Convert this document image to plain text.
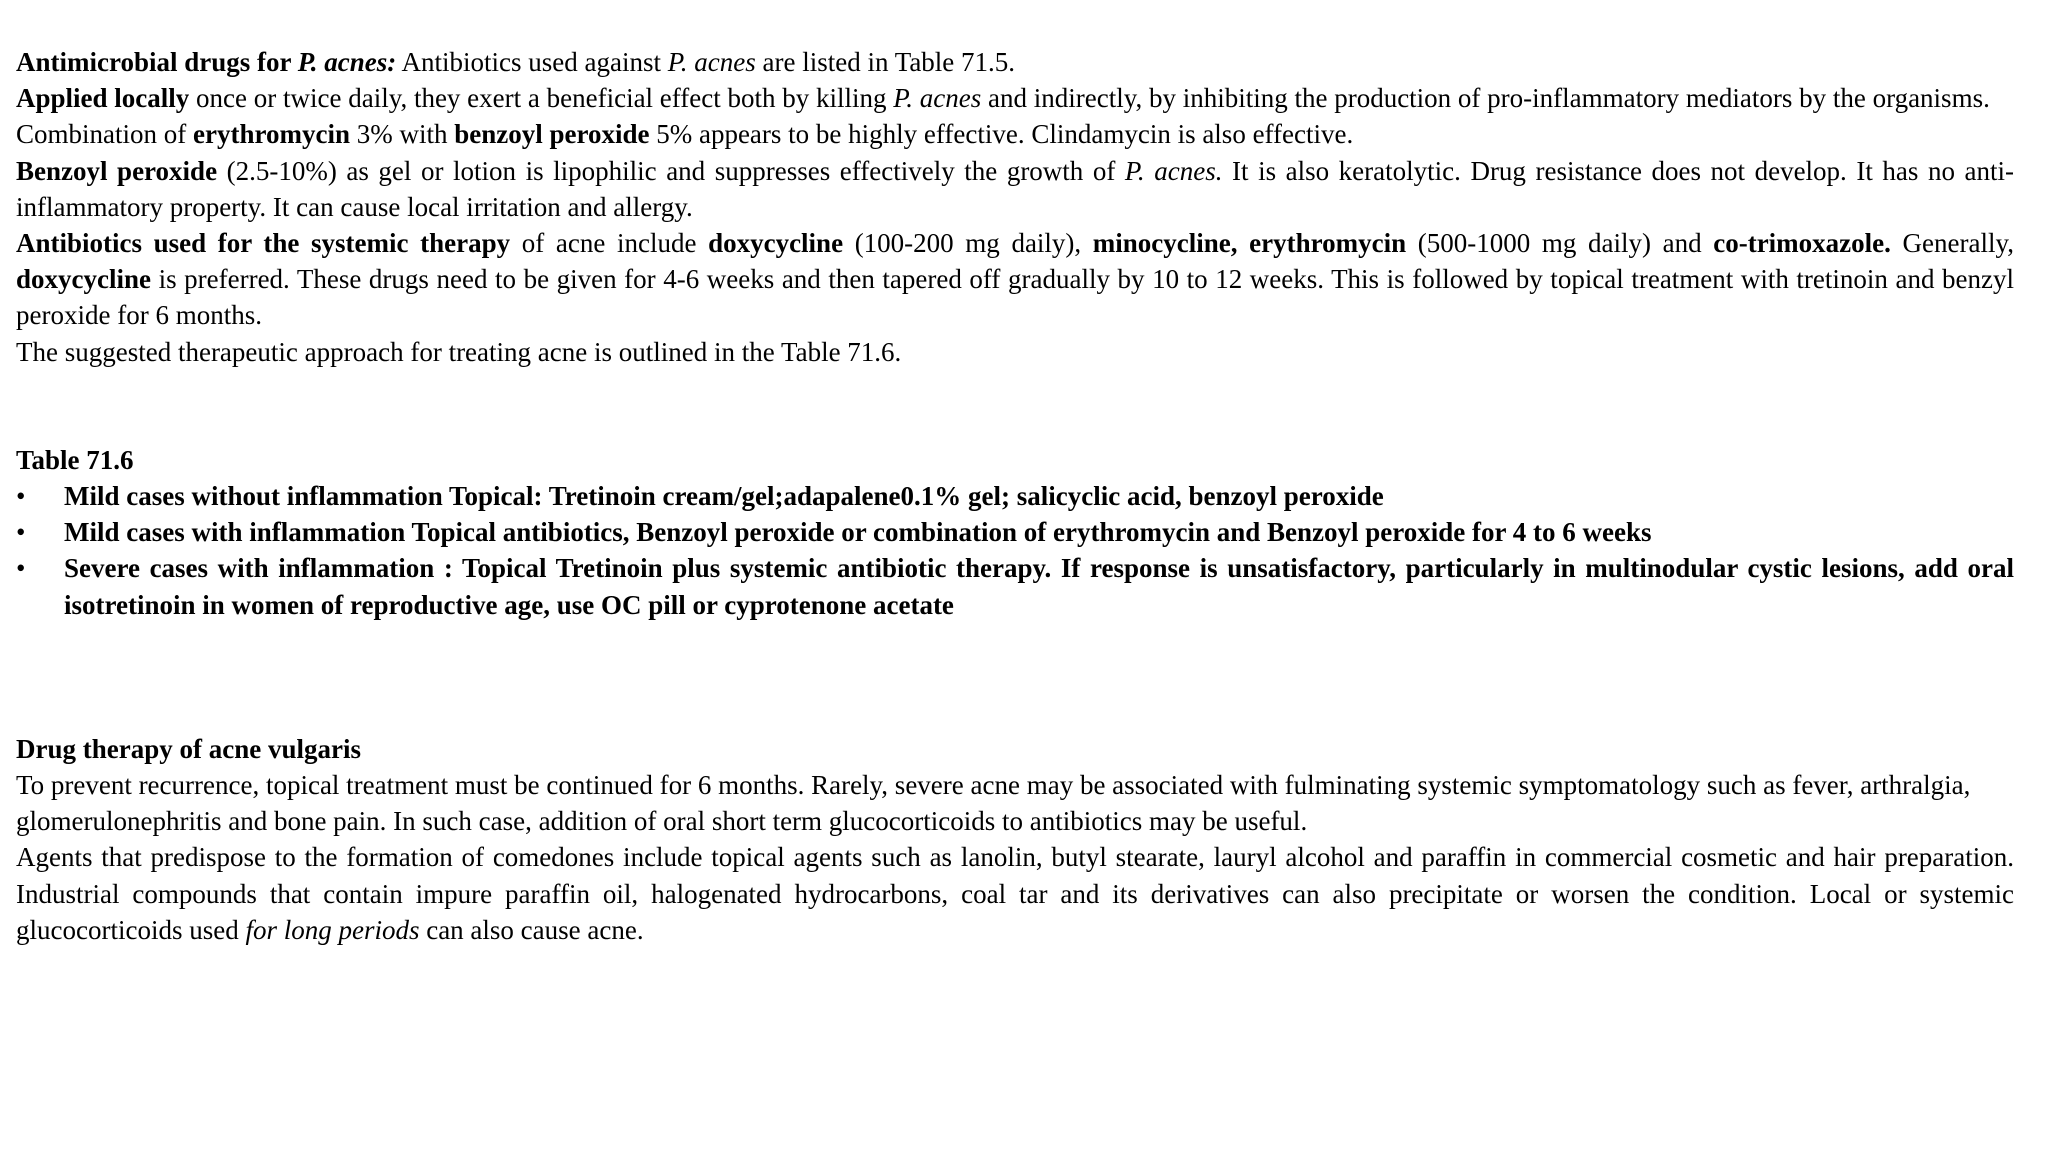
Antimicrobial drugs for P. acnes: Antibiotics used against P. acnes are listed in Table 71.5.

Applied locally once or twice daily, they exert a beneficial effect both by killing P. acnes and indirectly, by inhibiting the production of pro-inflammatory mediators by the organisms.

Combination of erythromycin 3% with benzoyl peroxide 5% appears to be highly effective. Clindamycin is also effective.

Benzoyl peroxide (2.5-10%) as gel or lotion is lipophilic and suppresses effectively the growth of P. acnes. It is also keratolytic. Drug resistance does not develop. It has no anti-inflammatory property. It can cause local irritation and allergy.

Antibiotics used for the systemic therapy of acne include doxycycline (100-200 mg daily), minocycline, erythromycin (500-1000 mg daily) and co-trimoxazole. Generally, doxycycline is preferred. These drugs need to be given for 4-6 weeks and then tapered off gradually by 10 to 12 weeks. This is followed by topical treatment with tretinoin and benzyl peroxide for 6 months.

The suggested therapeutic approach for treating acne is outlined in the Table 71.6.

Table 71.6

• Mild cases without inflammation Topical: Tretinoin cream/gel;adapalene0.1% gel; salicyclic acid, benzoyl peroxide
• Mild cases with inflammation Topical antibiotics, Benzoyl peroxide or combination of erythromycin and Benzoyl peroxide for 4 to 6 weeks
• Severe cases with inflammation : Topical Tretinoin plus systemic antibiotic therapy. If response is unsatisfactory, particularly in multinodular cystic lesions, add oral isotretinoin in women of reproductive age, use OC pill or cyprotenone acetate

Drug therapy of acne vulgaris

To prevent recurrence, topical treatment must be continued for 6 months. Rarely, severe acne may be associated with fulminating systemic symptomatology such as fever, arthralgia, glomerulonephritis and bone pain. In such case, addition of oral short term glucocorticoids to antibiotics may be useful.

Agents that predispose to the formation of comedones include topical agents such as lanolin, butyl stearate, lauryl alcohol and paraffin in commercial cosmetic and hair preparation. Industrial compounds that contain impure paraffin oil, halogenated hydrocarbons, coal tar and its derivatives can also precipitate or worsen the condition. Local or systemic glucocorticoids used for long periods can also cause acne.
